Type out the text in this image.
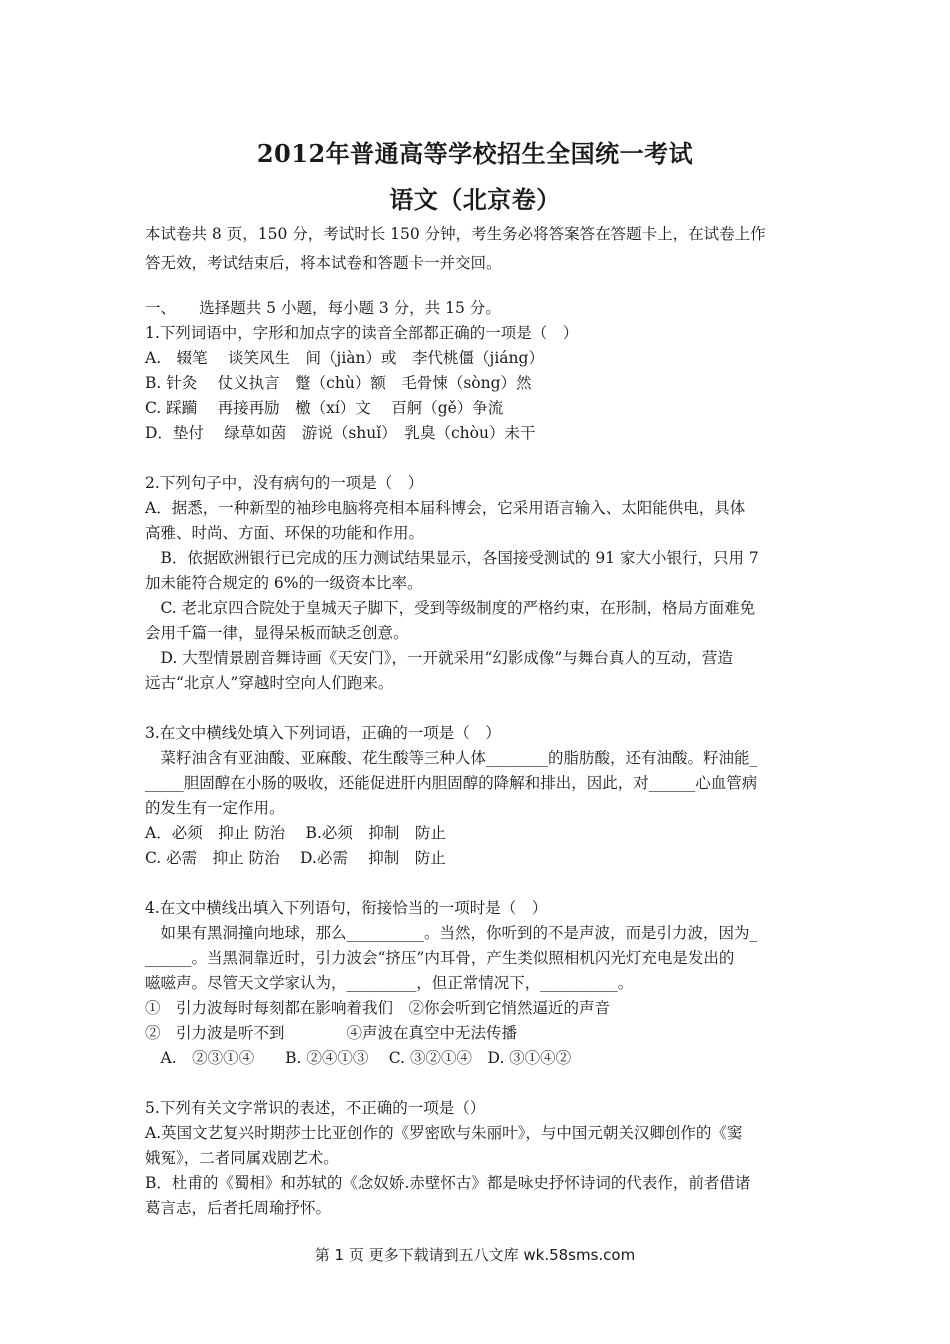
2012年普通高等学校招生全国统一考试
语文（北京卷）
本试卷共 8 页，150 分，考试时长 150 分钟，考生务必将答案答在答题卡上，在试卷上作
答无效，考试结束后，将本试卷和答题卡一并交回。
一、　　选择题共 5 小题，每小题 3 分，共 15 分。
1.下列词语中，字形和加点字的读音全部都正确的一项是（　）
A.　辍笔　 谈笑风生　间（jiàn）或　李代桃僵（jiáng）
B. 针灸　 仗义执言　蹩（chù）额　毛骨悚（sòng）然
C. 踩躏　 再接再励　檄（xí）文　 百舸（gě）争流
D．垫付　 绿草如茵　游说（shuǐ）　乳臭（chòu）未干
2.下列句子中，没有病句的一项是（　）
A．据悉，一种新型的袖珍电脑将亮相本届科博会，它采用语言输入、太阳能供电，具体
高雅、时尚、方面、环保的功能和作用。
　B．依据欧洲银行已完成的压力测试结果显示，各国接受测试的 91 家大小银行，只用 7
加未能符合规定的 6%的一级资本比率。
　C. 老北京四合院处于皇城天子脚下，受到等级制度的严格约束，在形制，格局方面难免
会用千篇一律，显得呆板而缺乏创意。
　D. 大型情景剧音舞诗画《天安门》，一开就采用“幻影成像”与舞台真人的互动，营造
远古“北京人”穿越时空向人们跑来。
3.在文中横线处填入下列词语，正确的一项是（　）
　菜籽油含有亚油酸、亚麻酸、花生酸等三种人体________的脂肪酸，还有油酸。籽油能_
_____胆固醇在小肠的吸收，还能促进肝内胆固醇的降解和排出，因此，对______心血管病
的发生有一定作用。
A．必须　抑止 防治　 B.必须　抑制　防止
C. 必需　抑止 防治　 D.必需　 抑制　防止
4.在文中横线出填入下列语句，衔接恰当的一项时是（　）
　如果有黑洞撞向地球，那么__________。当然，你听到的不是声波，而是引力波，因为_
______。当黑洞靠近时，引力波会“挤压”内耳骨，产生类似照相机闪光灯充电是发出的
嗞嗞声。尽管天文学家认为，_________，但正常情况下，__________。
①　引力波每时每刻都在影响着我们　②你会听到它悄然逼近的声音
②　引力波是听不到　　　　④声波在真空中无法传播
　A.　②③①④　　B. ②④①③　 C. ③②①④　D. ③①④②
5.下列有关文字常识的表述，不正确的一项是（）
A.英国文艺复兴时期莎士比亚创作的《罗密欧与朱丽叶》，与中国元朝关汉卿创作的《窦
娥冤》，二者同属戏剧艺术。
B．杜甫的《蜀相》和苏轼的《念奴娇.赤壁怀古》都是咏史抒怀诗词的代表作，前者借诸
葛言志，后者托周瑜抒怀。
第 1 页 更多下载请到五八文库 wk.58sms.com
